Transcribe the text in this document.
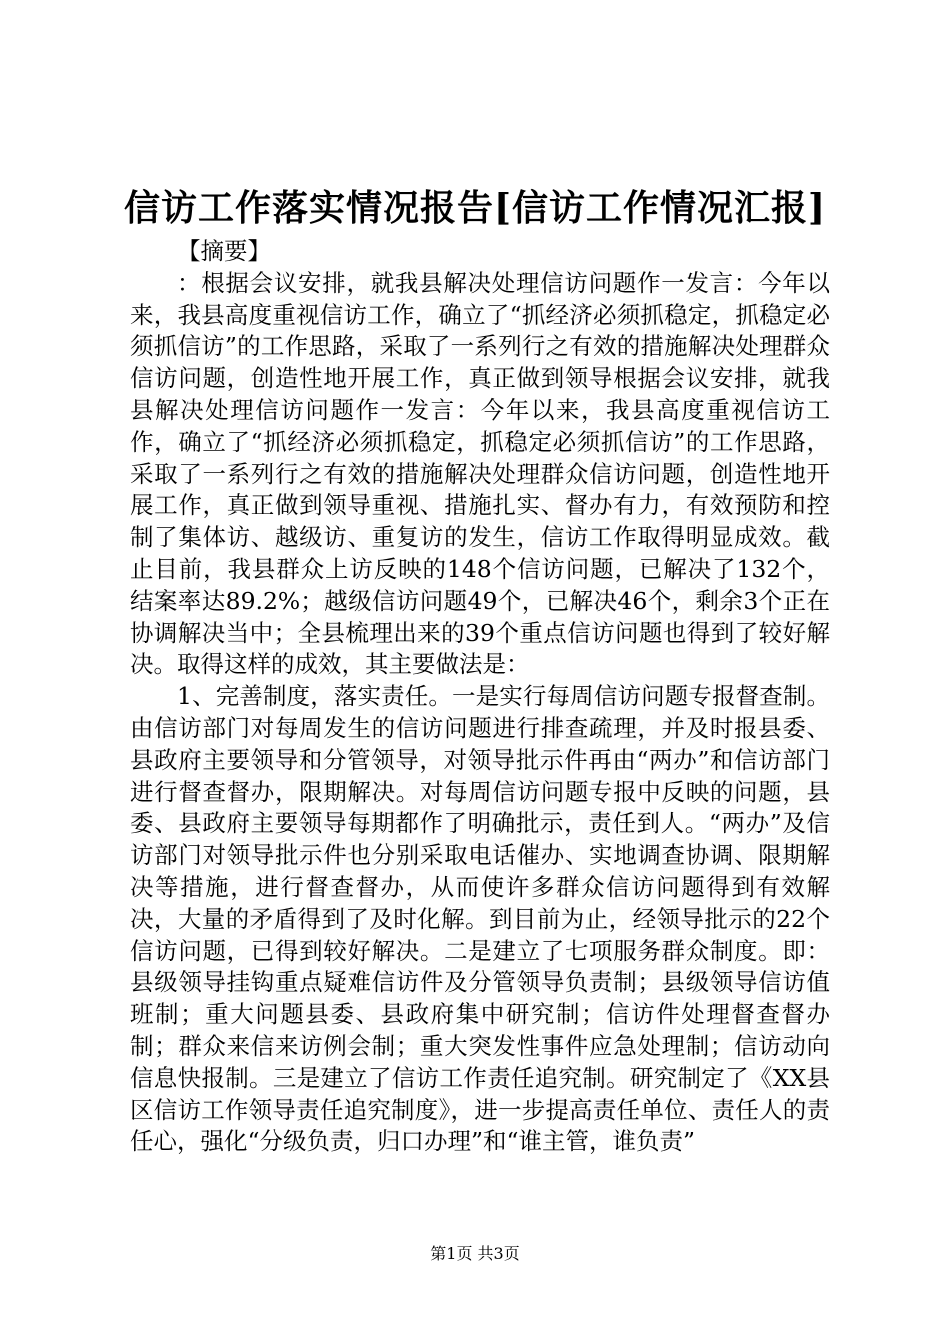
信访工作落实情况报告[信访工作情况汇报]

【摘要】

：根据会议安排，就我县解决处理信访问题作一发言：今年以来，我县高度重视信访工作，确立了“抓经济必须抓稳定，抓稳定必须抓信访”的工作思路，采取了一系列行之有效的措施解决处理群众信访问题，创造性地开展工作，真正做到领导根据会议安排，就我县解决处理信访问题作一发言：今年以来，我县高度重视信访工作，确立了“抓经济必须抓稳定，抓稳定必须抓信访”的工作思路，采取了一系列行之有效的措施解决处理群众信访问题，创造性地开展工作，真正做到领导重视、措施扎实、督办有力，有效预防和控制了集体访、越级访、重复访的发生，信访工作取得明显成效。截止目前，我县群众上访反映的148个信访问题，已解决了132个，结案率达89.2%；越级信访问题49个，已解决46个，剩余3个正在协调解决当中；全县梳理出来的39个重点信访问题也得到了较好解决。取得这样的成效，其主要做法是：

1、完善制度，落实责任。一是实行每周信访问题专报督查制。由信访部门对每周发生的信访问题进行排查疏理，并及时报县委、县政府主要领导和分管领导，对领导批示件再由“两办”和信访部门进行督查督办，限期解决。对每周信访问题专报中反映的问题，县委、县政府主要领导每期都作了明确批示，责任到人。“两办”及信访部门对领导批示件也分别采取电话催办、实地调查协调、限期解决等措施，进行督查督办，从而使许多群众信访问题得到有效解决，大量的矛盾得到了及时化解。到目前为止，经领导批示的22个信访问题，已得到较好解决。二是建立了七项服务群众制度。即：县级领导挂钩重点疑难信访件及分管领导负责制；县级领导信访值班制；重大问题县委、县政府集中研究制；信访件处理督查督办制；群众来信来访例会制；重大突发性事件应急处理制；信访动向信息快报制。三是建立了信访工作责任追究制。研究制定了《XX县区信访工作领导责任追究制度》，进一步提高责任单位、责任人的责任心，强化“分级负责，归口办理”和“谁主管，谁负责”

第1页 共3页
